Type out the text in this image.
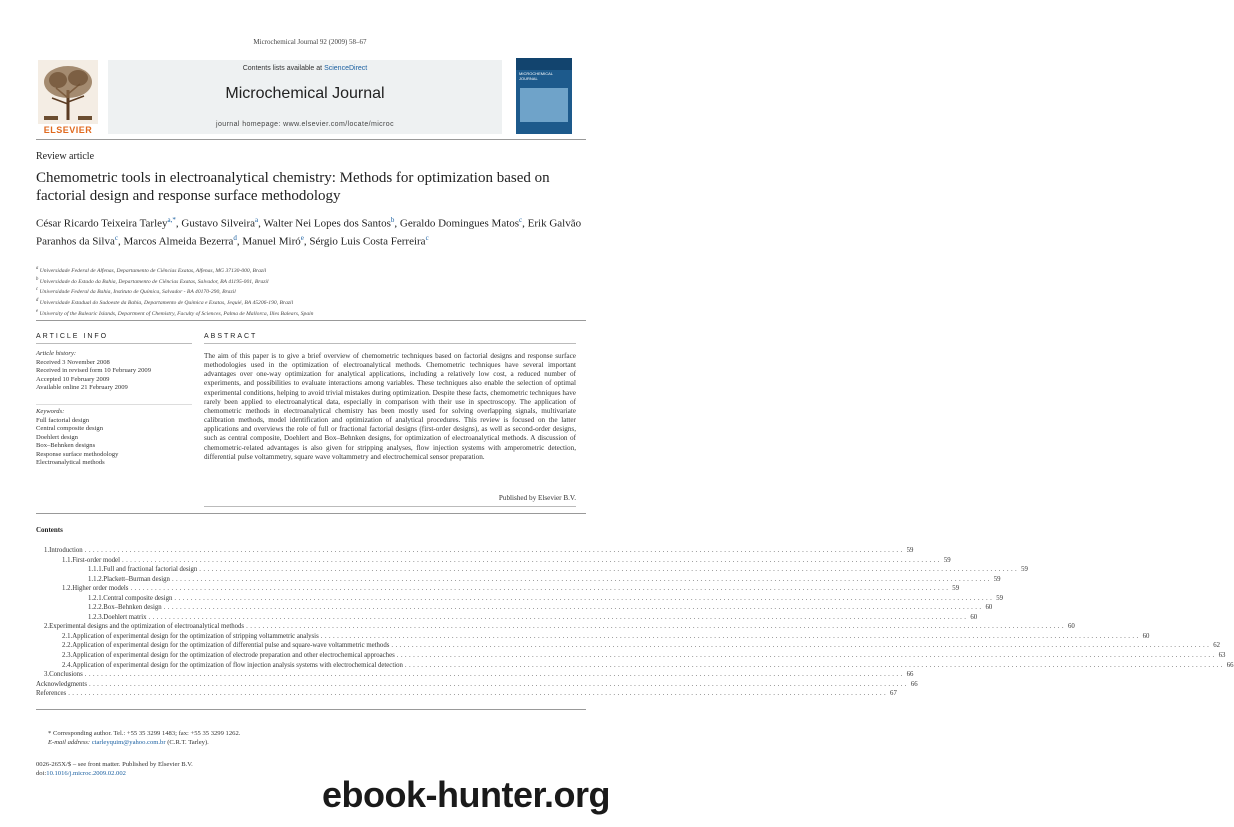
Microchemical Journal 92 (2009) 58–67
ELSEVIER
Contents lists available at ScienceDirect
Microchemical Journal
journal homepage: www.elsevier.com/locate/microc
MICROCHEMICAL JOURNAL
Review article
Chemometric tools in electroanalytical chemistry: Methods for optimization based on factorial design and response surface methodology
César Ricardo Teixeira Tarley$^{a,*}$, Gustavo Silveira$^a$, Walter Nei Lopes dos Santos$^b$, Geraldo Domingues Matos$^c$, Erik Galvão Paranhos da Silva$^c$, Marcos Almeida Bezerra$^d$, Manuel Miró$^e$, Sérgio Luis Costa Ferreira$^c$
$^a$ Universidade Federal de Alfenas, Departamento de Ciências Exatas, Alfenas, MG 37130-000, Brazil
$^b$ Universidade do Estado da Bahia, Departamento de Ciências Exatas, Salvador, BA 41195-001, Brazil
$^c$ Universidade Federal da Bahia, Instituto de Química, Salvador - BA 40170-290, Brazil
$^d$ Universidade Estadual do Sudoeste da Bahia, Departamento de Química e Exatas, Jequié, BA 45206-190, Brazil
$^e$ University of the Balearic Islands, Department of Chemistry, Faculty of Sciences, Palma de Mallorca, Illes Balears, Spain
ARTICLE INFO
Article history:
Received 3 November 2008
Received in revised form 10 February 2009
Accepted 10 February 2009
Available online 21 February 2009
Keywords:
Full factorial design
Central composite design
Doehlert design
Box–Behnken designs
Response surface methodology
Electroanalytical methods
ABSTRACT
The aim of this paper is to give a brief overview of chemometric techniques based on factorial designs and response surface methodologies used in the optimization of electroanalytical methods. Chemometric techniques have several important advantages over one-way optimization for analytical applications, including a relatively low cost, a reduced number of experiments, and possibilities to evaluate interactions among variables. These techniques also enable the selection of optimal experimental conditions, helping to avoid trivial mistakes during optimization. Despite these facts, chemometric techniques have rarely been applied to electroanalytical data, especially in comparison with their use in spectroscopy. The application of chemometric methods in electroanalytical chemistry has been mostly used for solving overlapping signals, multivariate calibration methods, model identification and optimization of analytical procedures. This review is focused on the latter applications and overviews the role of full or fractional factorial designs (first-order designs), as well as second-order designs, such as central composite, Doehlert and Box–Behnken designs, for optimization of electroanalytical methods. A discussion of chemometric-related advantages is also given for stripping analyses, flow injection systems with amperometric detection, differential pulse voltammetry, square wave voltammetry and electrochemical sensor preparation.
Published by Elsevier B.V.
Contents
1. Introduction ........................................................................................................................................................................................................ 59
1.1. First-order model ........................................................................................................................................................................................................ 59
1.1.1. Full and fractional factorial design ........................................................................................................................................................................................................ 59
1.1.2. Plackett–Burman design ........................................................................................................................................................................................................ 59
1.2. Higher order models ........................................................................................................................................................................................................ 59
1.2.1. Central composite design ........................................................................................................................................................................................................ 59
1.2.2. Box–Behnken design ........................................................................................................................................................................................................ 60
1.2.3. Doehlert matrix ........................................................................................................................................................................................................ 60
2. Experimental designs and the optimization of electroanalytical methods ........................................................................................................................................................................................................ 60
2.1. Application of experimental design for the optimization of stripping voltammetric analysis ........................................................................................................................................................................................................ 60
2.2. Application of experimental design for the optimization of differential pulse and square-wave voltammetric methods ........................................................................................................................................................................................................ 62
2.3. Application of experimental design for the optimization of electrode preparation and other electrochemical approaches ........................................................................................................................................................................................................ 63
2.4. Application of experimental design for the optimization of flow injection analysis systems with electrochemical detection ........................................................................................................................................................................................................ 66
3. Conclusions ........................................................................................................................................................................................................ 66
Acknowledgments ........................................................................................................................................................................................................ 66
References ........................................................................................................................................................................................................ 67
* Corresponding author. Tel.: +55 35 3299 1483; fax: +55 35 3299 1262.
E-mail address: ctarleyquim@yahoo.com.br (C.R.T. Tarley).
0026-265X/$ – see front matter. Published by Elsevier B.V.
doi:10.1016/j.microc.2009.02.002
ebook-hunter.org
